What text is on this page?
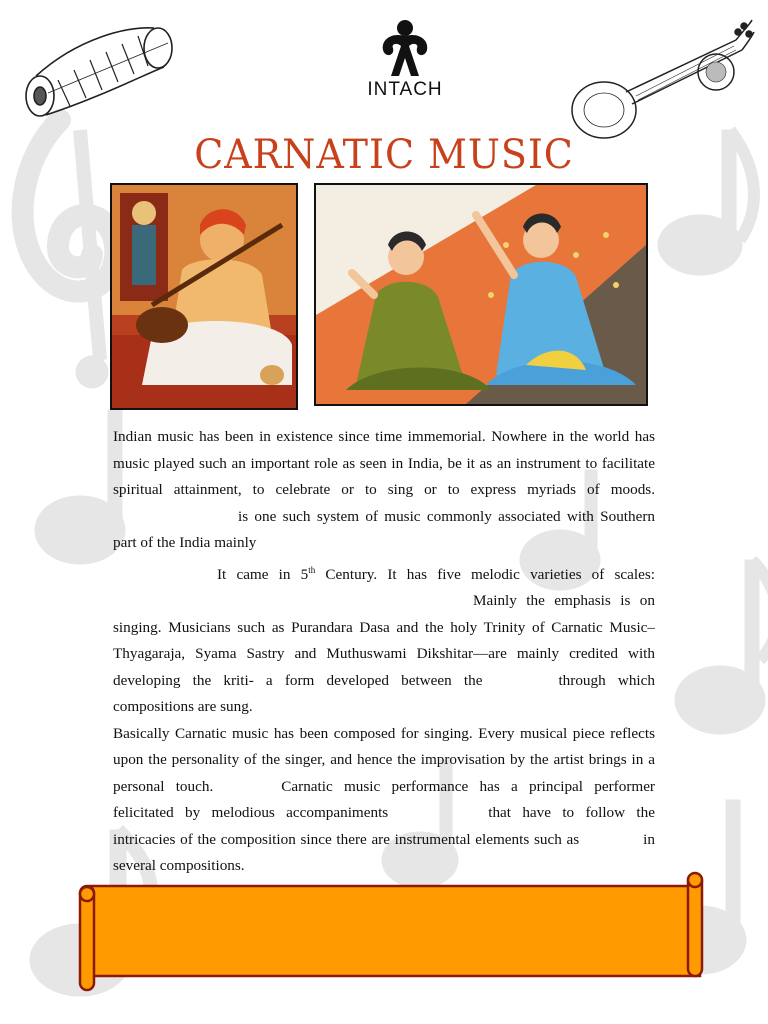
INTACH
CARNATIC MUSIC

Indian music has been in existence since time immemorial. Nowhere in the world has music played such an important role as seen in India, be it as an instrument to facilitate spiritual attainment, to celebrate or to sing or to express myriads of moods.is one such system of music commonly associated with Southern part of the India mainly

It came in 5th Century. It has five melodic varieties of scales:Mainly the emphasis is on singing. Musicians such as Purandara Dasa and the holy Trinity of Carnatic Music– Thyagaraja, Syama Sastry and Muthuswami Dikshitar—are mainly credited with developing the kriti- a form developed between the	through which compositions are sung.

Basically Carnatic music has been composed for singing. Every musical piece reflects upon the personality of the singer, and hence the improvisation by the artist brings in a personal touch.	Carnatic music performance has a principal performer felicitated by melodious accompaniments	that have to follow the intricacies of the composition since there are instrumental elements such as	in several compositions.
